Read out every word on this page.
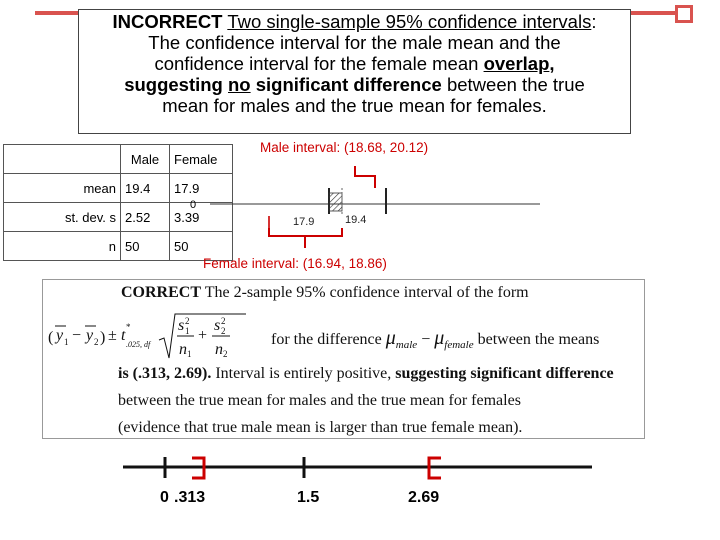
INCORRECT Two single-sample 95% confidence intervals:
The confidence interval for the male mean and the
confidence interval for the female mean overlap,
suggesting no significant difference between the true
mean for males and the true mean for females.
	Male	Female
mean	19.4	17.9
st. dev. s	2.52	3.39
n	50	50
Male interval: (18.68, 20.12)
Female interval: (16.94, 18.86)
0
17.9	19.4
CORRECT The 2-sample 95% confidence interval of the form
( y 1 − y 2 ) ± t *
.025, df
s 2
1
n 1
+
s 2
2
n 2
for the difference $\mu_{male} - \mu_{female}$ between the means
is (.313, 2.69). Interval is entirely positive, suggesting significant difference
between the true mean for males and the true mean for females
(evidence that true male mean is larger than true female mean).
0 .313	1.5	2.69
